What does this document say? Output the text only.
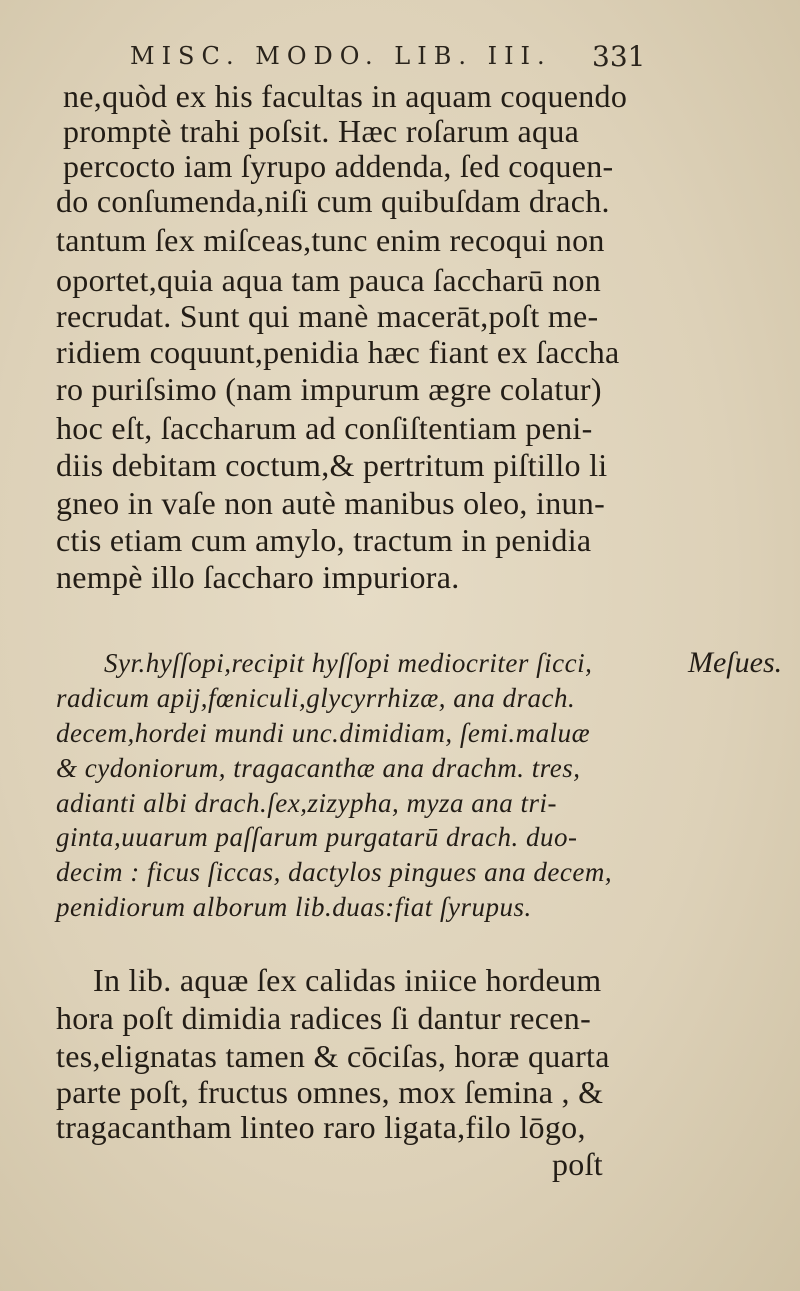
MISC. MODO. LIB. III. 331
ne,quòd ex his facultas in aquam coquendo
promptè trahi poſsit. Hæc roſarum aqua
percocto iam ſyrupo addenda, ſed coquen-
do conſumenda,niſi cum quibuſdam drach.
tantum ſex miſceas,tunc enim recoqui non
oportet,quia aqua tam pauca ſaccharū non
recrudat. Sunt qui manè macerāt,poſt me-
ridiem coquunt,penidia hæc fiant ex ſaccha
ro puriſsimo (nam impurum ægre colatur)
hoc eſt, ſaccharum ad conſiſtentiam peni-
diis debitam coctum,& pertritum piſtillo li
gneo in vaſe non autè manibus oleo, inun-
ctis etiam cum amylo, tractum in penidia
nempè illo ſaccharo impuriora.
Syr.hyſſopi,recipit hyſſopi mediocriter ſicci,
radicum apij,fœniculi,glycyrrhizæ, ana drach.
decem,hordei mundi unc.dimidiam, ſemi.maluæ
& cydoniorum, tragacanthæ ana drachm. tres,
adianti albi drach.ſex,zizypha, myza ana tri-
ginta,uuarum paſſarum purgatarū drach. duo-
decim : ficus ſiccas, dactylos pingues ana decem,
penidiorum alborum lib.duas:fiat ſyrupus.
Meſues.
In lib. aquæ ſex calidas iniice hordeum
hora poſt dimidia radices ſi dantur recen-
tes,elignatas tamen & cōciſas, horæ quarta
parte poſt, fructus omnes, mox ſemina , &
tragacantham linteo raro ligata,filo lōgo,
poſt
